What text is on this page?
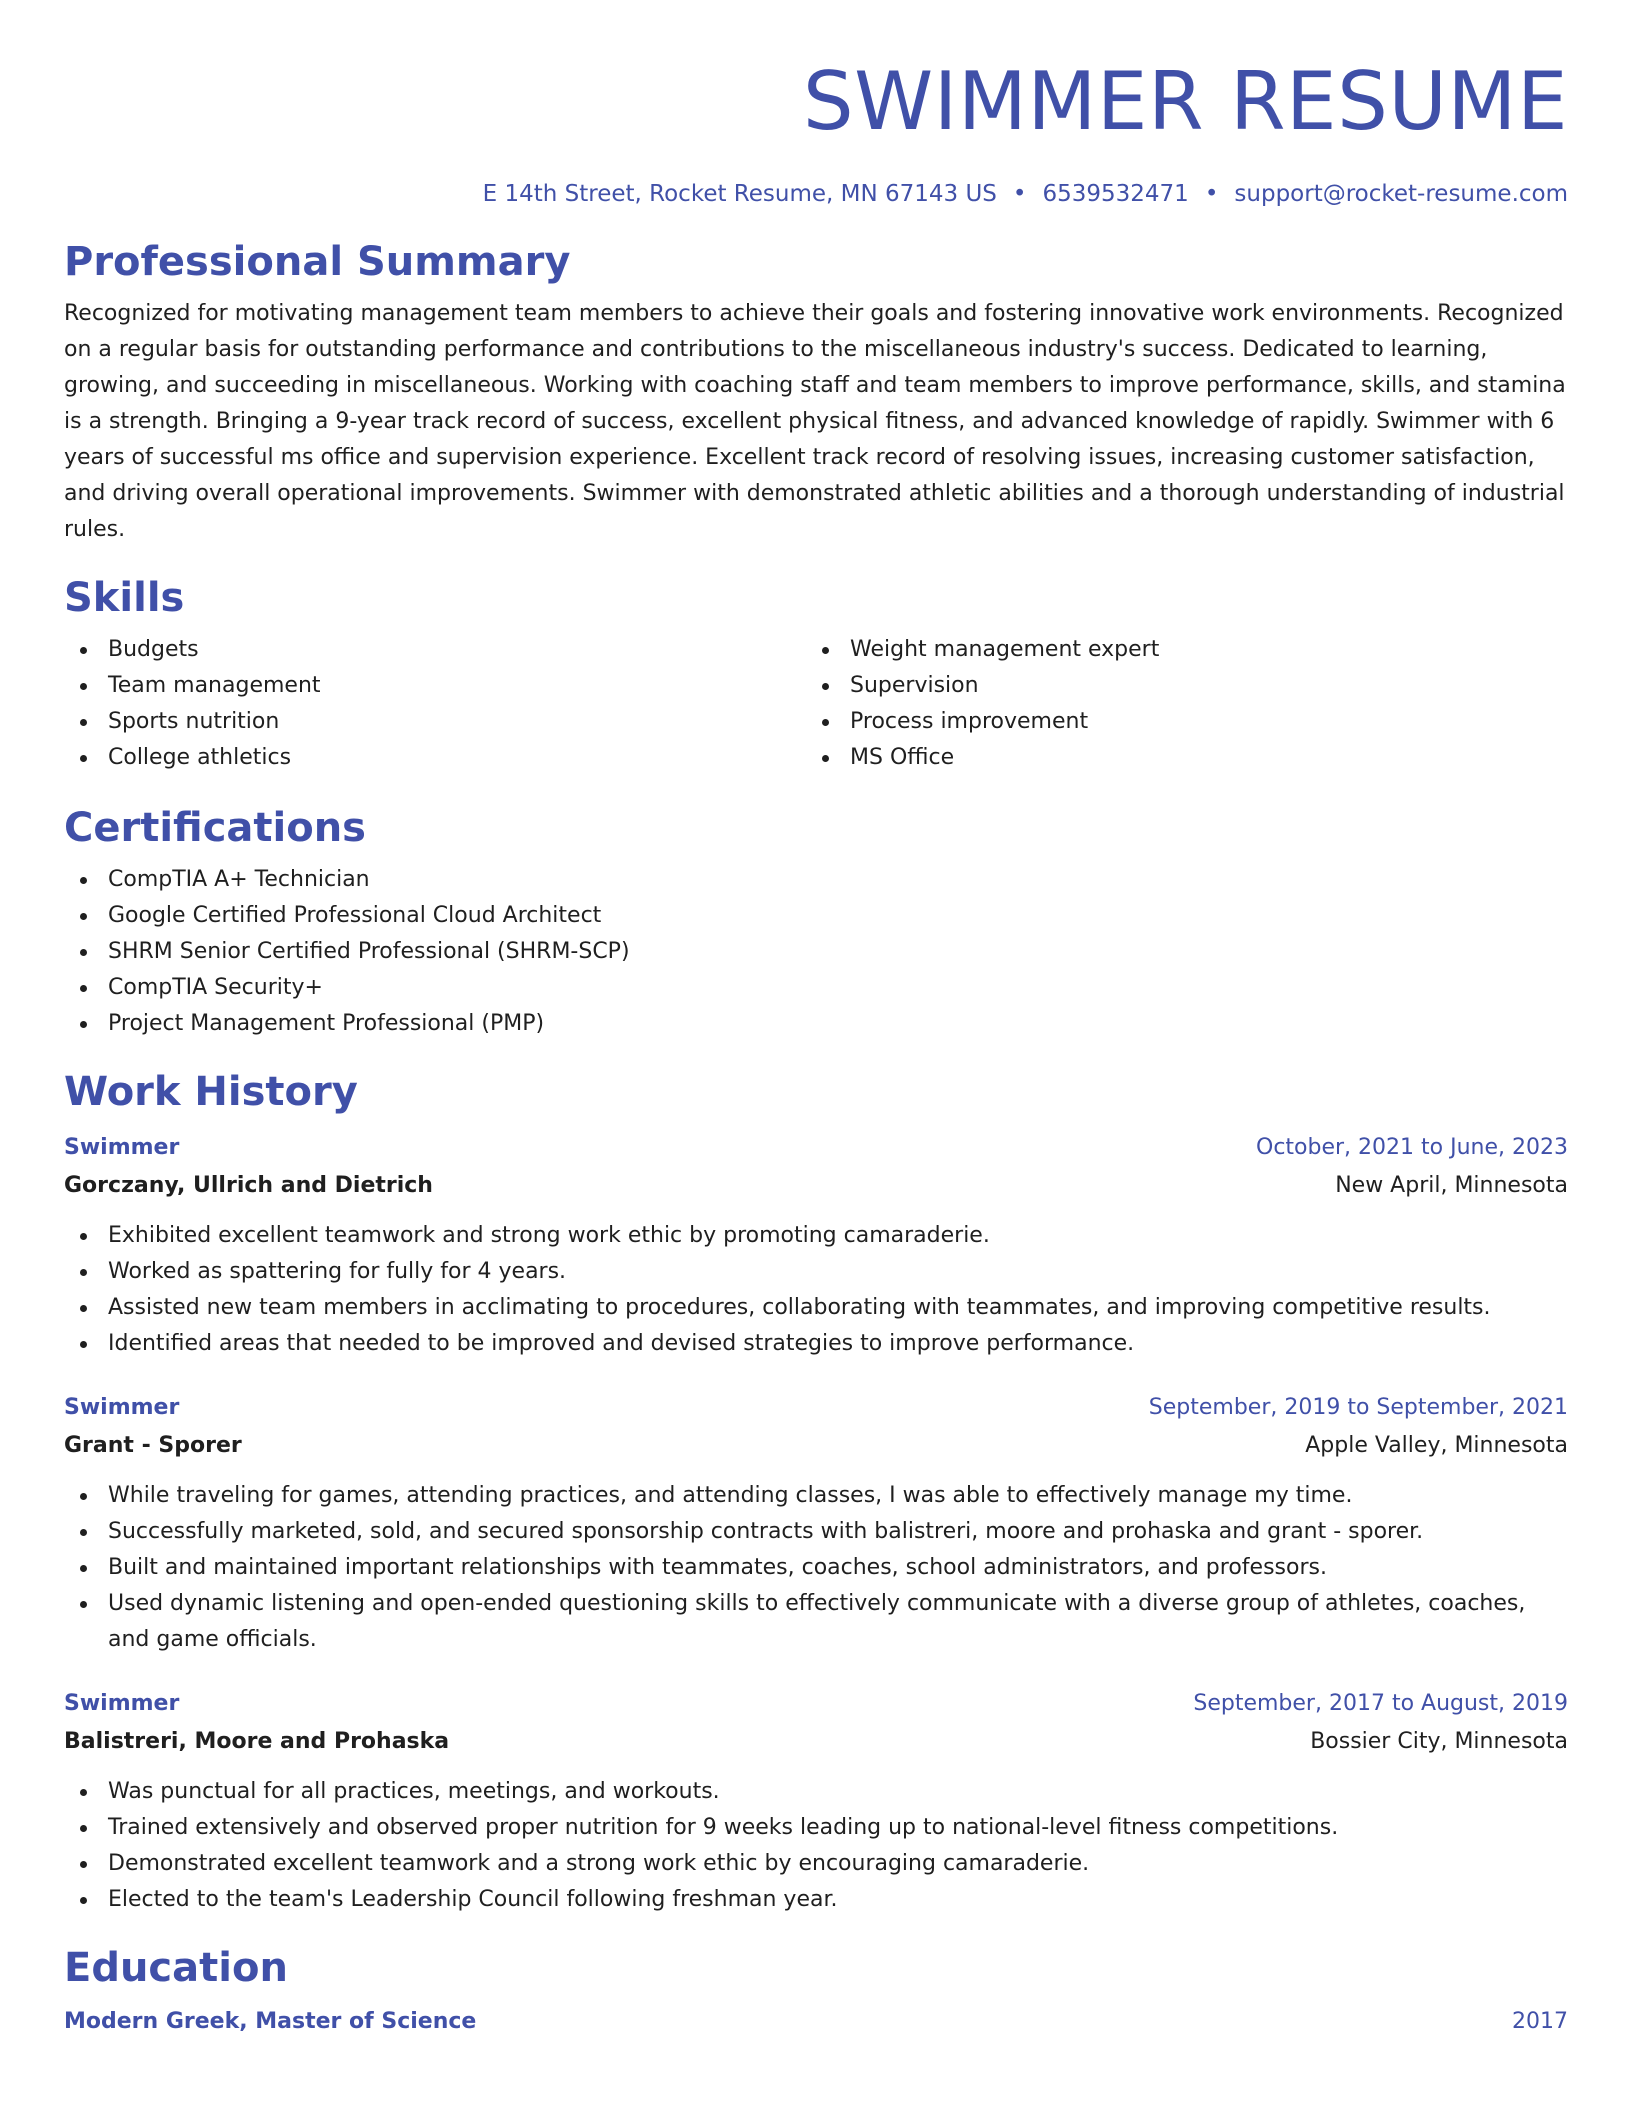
SWIMMER RESUME
E 14th Street, Rocket Resume, MN 67143 US • 6539532471 • support@rocket-resume.com
Professional Summary

Recognized for motivating management team members to achieve their goals and fostering innovative work environments. Recognized on a regular basis for outstanding performance and contributions to the miscellaneous industry's success. Dedicated to learning, growing, and succeeding in miscellaneous. Working with coaching staff and team members to improve performance, skills, and stamina is a strength. Bringing a 9-year track record of success, excellent physical fitness, and advanced knowledge of rapidly. Swimmer with 6 years of successful ms office and supervision experience. Excellent track record of resolving issues, increasing customer satisfaction, and driving overall operational improvements. Swimmer with demonstrated athletic abilities and a thorough understanding of industrial rules.

Skills
Budgets
Team management
Sports nutrition
College athletics
Weight management expert
Supervision
Process improvement
MS Office
Certifications
CompTIA A+ Technician
Google Certified Professional Cloud Architect
SHRM Senior Certified Professional (SHRM-SCP)
CompTIA Security+
Project Management Professional (PMP)
Work History
Swimmer	October, 2021 to June, 2023
Gorczany, Ullrich and Dietrich	New April, Minnesota
Exhibited excellent teamwork and strong work ethic by promoting camaraderie.
Worked as spattering for fully for 4 years.
Assisted new team members in acclimating to procedures, collaborating with teammates, and improving competitive results.
Identified areas that needed to be improved and devised strategies to improve performance.
Swimmer	September, 2019 to September, 2021
Grant - Sporer	Apple Valley, Minnesota
While traveling for games, attending practices, and attending classes, I was able to effectively manage my time.
Successfully marketed, sold, and secured sponsorship contracts with balistreri, moore and prohaska and grant - sporer.
Built and maintained important relationships with teammates, coaches, school administrators, and professors.
Used dynamic listening and open-ended questioning skills to effectively communicate with a diverse group of athletes, coaches, and game officials.
Swimmer	September, 2017 to August, 2019
Balistreri, Moore and Prohaska	Bossier City, Minnesota
Was punctual for all practices, meetings, and workouts.
Trained extensively and observed proper nutrition for 9 weeks leading up to national-level fitness competitions.
Demonstrated excellent teamwork and a strong work ethic by encouraging camaraderie.
Elected to the team's Leadership Council following freshman year.
Education
Modern Greek, Master of Science	2017
